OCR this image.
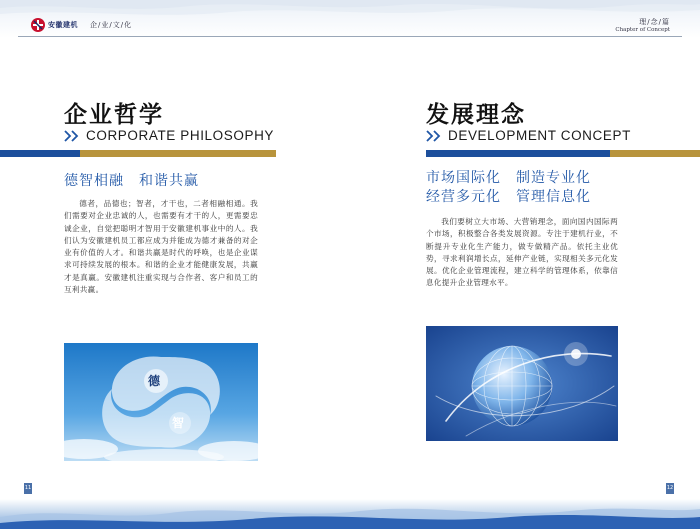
安徽建机 企/业/文/化	理/念/篇
Chapter of Concept
企业哲学
CORPORATE PHILOSOPHY
德智相融　和谐共赢

德者，品德也；智者，才干也，二者相融相通。我们需要对企业忠诚的人，也需要有才干的人，更需要忠诚企业，自觉把聪明才智用于安徽建机事业中的人。我们认为安徽建机员工都应成为并能成为德才兼备的对企业有价值的人才。和谐共赢是时代的呼唤，也是企业谋求可持续发展的根本。和谐的企业才能健康发展，共赢才是真赢。安徽建机注重实现与合作者、客户和员工的互利共赢。

德
智
发展理念
DEVELOPMENT CONCEPT
市场国际化　制造专业化
经营多元化　管理信息化

我们要树立大市场、大营销理念，面向国内国际两个市场，积极整合各类发展资源。专注于建机行业，不断提升专业化生产能力，做专做精产品。依托主业优势，寻求利润增长点，延伸产业链，实现相关多元化发展。优化企业管理流程，建立科学的管理体系，依靠信息化提升企业管理水平。

11	12
